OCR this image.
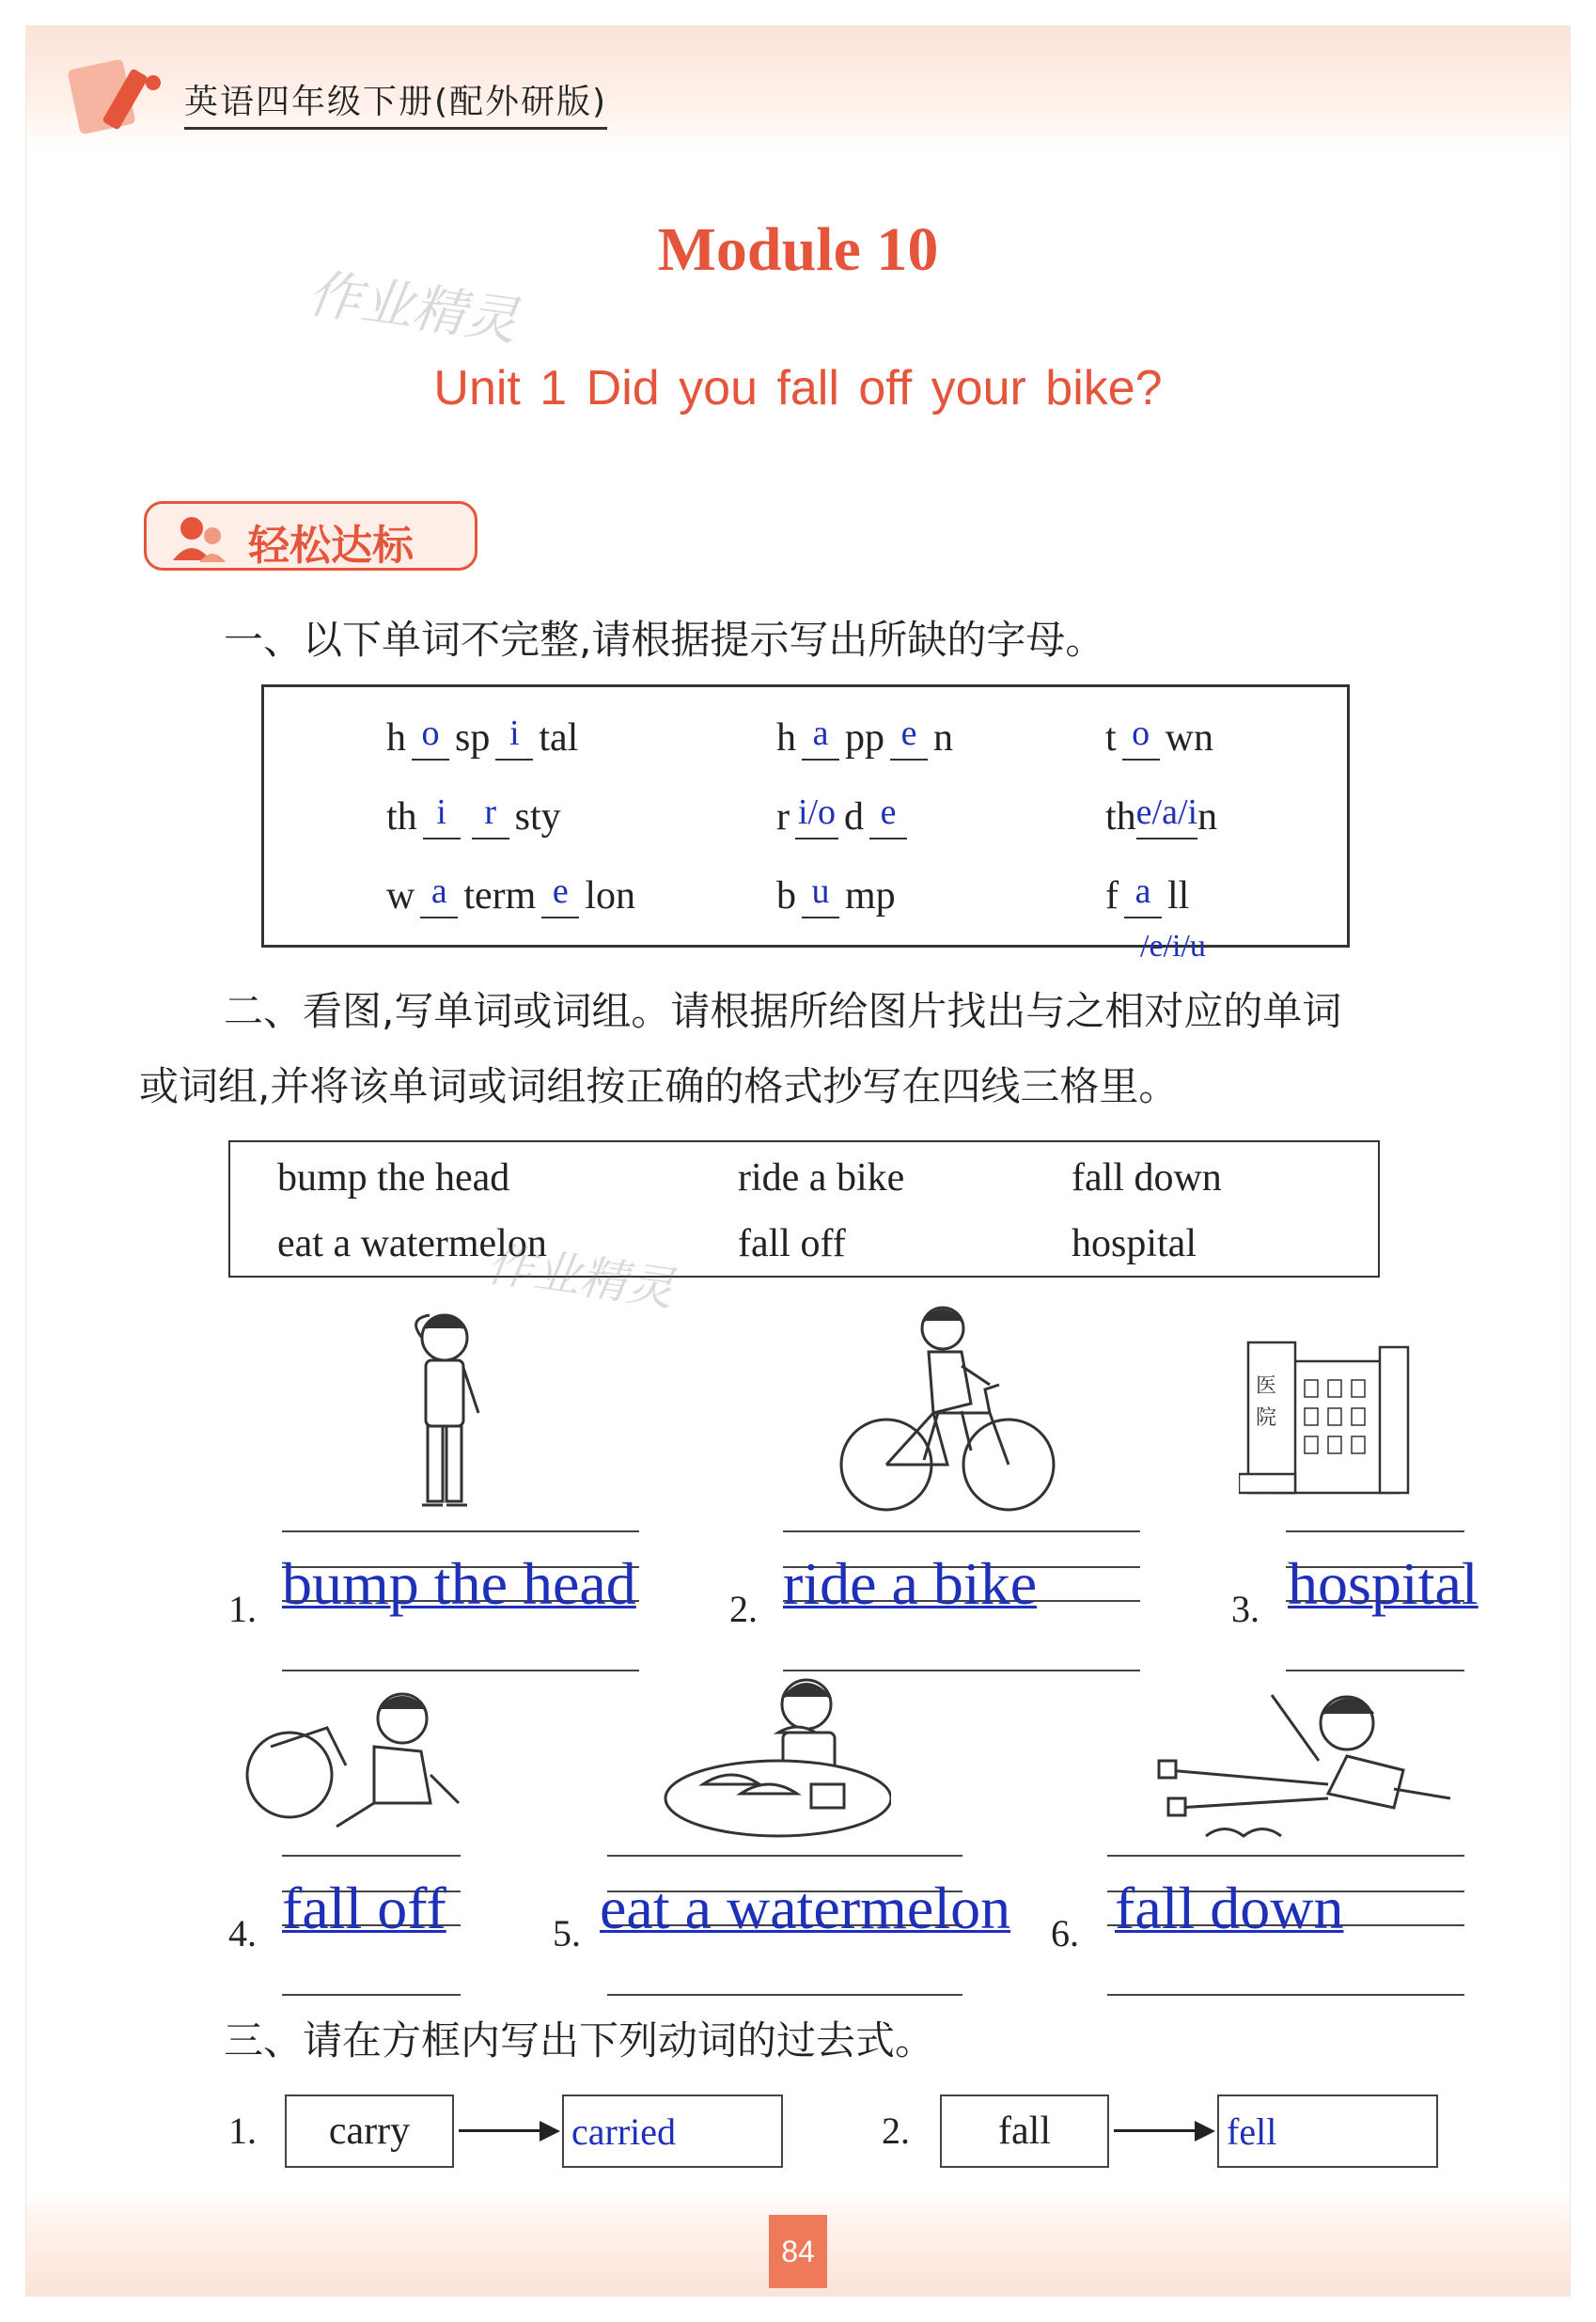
英语四年级下册(配外研版)
Module 10
Unit 1 Did you fall off your bike?
作业精灵
轻松达标
一、以下单词不完整,请根据提示写出所缺的字母。
h o sp i tal	h a pp e n	t o wn
th i r sty	r i/o d e	the/a/in
w a term e lon	b u mp	f a ll
/e/i/u
二、看图,写单词或词组。请根据所给图片找出与之相对应的单词
或词组,并将该单词或词组按正确的格式抄写在四线三格里。
bump the head	ride a bike	fall down
eat a watermelon	fall off	hospital
作业精灵
医院
1. bump the head 2. ride a bike	3. hospital
4. fall off	5. eat a watermelon 6. fall down
三、请在方框内写出下列动词的过去式。
1.	carry	carried	2.	fall	fell
84
